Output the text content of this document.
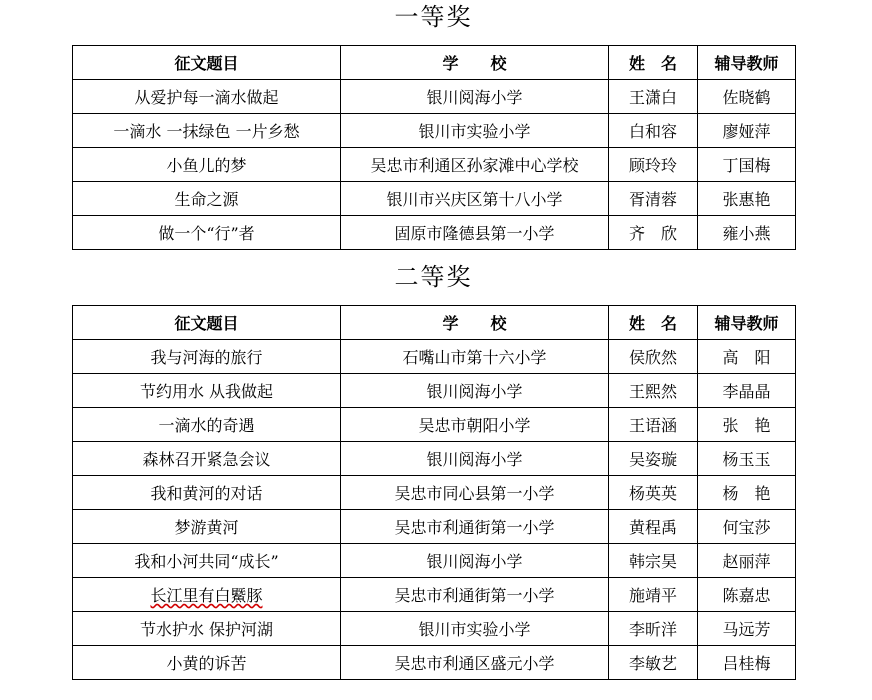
一等奖
征文题目	学　　校	姓　名	辅导教师
从爱护每一滴水做起	银川阅海小学	王潇白	佐晓鹤
一滴水 一抹绿色 一片乡愁	银川市实验小学	白和容	廖娅萍
小鱼儿的梦	吴忠市利通区孙家滩中心学校	顾玲玲	丁国梅
生命之源	银川市兴庆区第十八小学	胥清蓉	张惠艳
做一个“行”者	固原市隆德县第一小学	齐　欣	雍小燕
二等奖
征文题目	学　　校	姓　名	辅导教师
我与河海的旅行	石嘴山市第十六小学	侯欣然	高　阳
节约用水 从我做起	银川阅海小学	王熙然	李晶晶
一滴水的奇遇	吴忠市朝阳小学	王语涵	张　艳
森林召开紧急会议	银川阅海小学	吴姿璇	杨玉玉
我和黄河的对话	吴忠市同心县第一小学	杨英英	杨　艳
梦游黄河	吴忠市利通街第一小学	黄程禹	何宝莎
我和小河共同“成长”	银川阅海小学	韩宗昊	赵丽萍
长江里有白鱀豚	吴忠市利通街第一小学	施靖平	陈嘉忠
节水护水 保护河湖	银川市实验小学	李昕洋	马远芳
小黄的诉苦	吴忠市利通区盛元小学	李敏艺	吕桂梅
